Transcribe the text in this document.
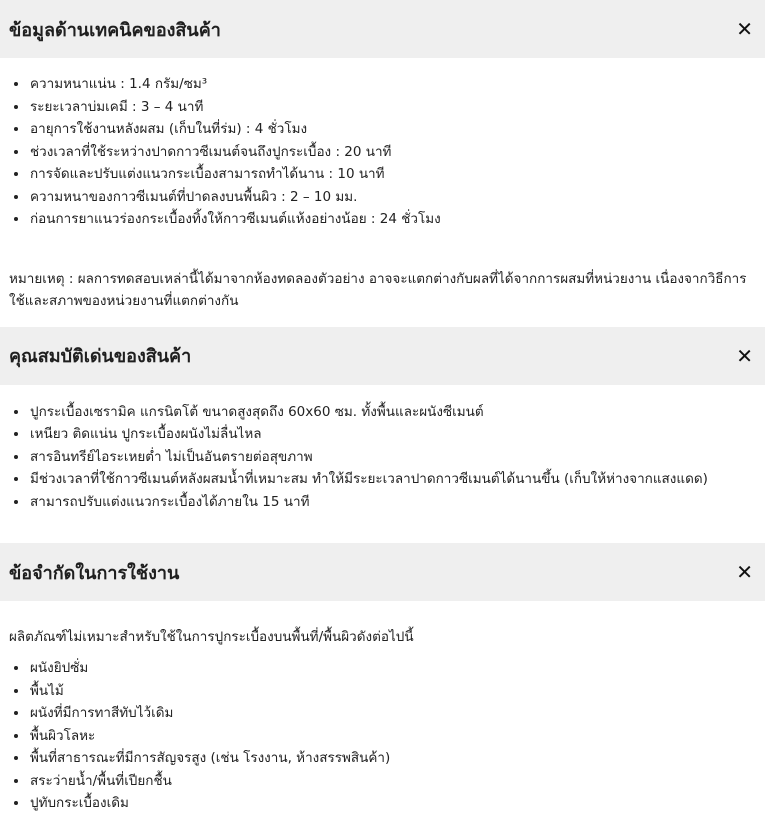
ข้อมูลด้านเทคนิคของสินค้า	✕
• ความหนาแน่น : 1.4 กรัม/ซม³
• ระยะเวลาบ่มเคมี : 3 – 4 นาที
• อายุการใช้งานหลังผสม (เก็บในที่ร่ม) : 4 ชั่วโมง
• ช่วงเวลาที่ใช้ระหว่างปาดกาวซีเมนต์จนถึงปูกระเบื้อง : 20 นาที
• การจัดและปรับแต่งแนวกระเบื้องสามารถทำได้นาน : 10 นาที
• ความหนาของกาวซีเมนต์ที่ปาดลงบนพื้นผิว : 2 – 10 มม.
• ก่อนการยาแนวร่องกระเบื้องทิ้งให้กาวซีเมนต์แห้งอย่างน้อย : 24 ชั่วโมง

หมายเหตุ : ผลการทดสอบเหล่านี้ได้มาจากห้องทดลองตัวอย่าง อาจจะแตกต่างกับผลที่ได้จากการผสมที่หน่วยงาน เนื่องจากวิธีการใช้และสภาพของหน่วยงานที่แตกต่างกัน

คุณสมบัติเด่นของสินค้า	✕
• ปูกระเบื้องเซรามิค แกรนิตโต้ ขนาดสูงสุดถึง 60x60 ซม. ทั้งพื้นและผนังซีเมนต์
• เหนียว ติดแน่น ปูกระเบื้องผนังไม่ลื่นไหล
• สารอินทรีย์ไอระเหยต่ำ ไม่เป็นอันตรายต่อสุขภาพ
• มีช่วงเวลาที่ใช้กาวซีเมนต์หลังผสมน้ำที่เหมาะสม ทำให้มีระยะเวลาปาดกาวซีเมนต์ได้นานขึ้น (เก็บให้ห่างจากแสงแดด)
• สามารถปรับแต่งแนวกระเบื้องได้ภายใน 15 นาที
ข้อจำกัดในการใช้งาน	✕

ผลิตภัณฑ์ไม่เหมาะสำหรับใช้ในการปูกระเบื้องบนพื้นที่/พื้นผิวดังต่อไปนี้

• ผนังยิปซั่ม
• พื้นไม้
• ผนังที่มีการทาสีทับไว้เดิม
• พื้นผิวโลหะ
• พื้นที่สาธารณะที่มีการสัญจรสูง (เช่น โรงงาน, ห้างสรรพสินค้า)
• สระว่ายน้ำ/พื้นที่เปียกชื้น
• ปูทับกระเบื้องเดิม
